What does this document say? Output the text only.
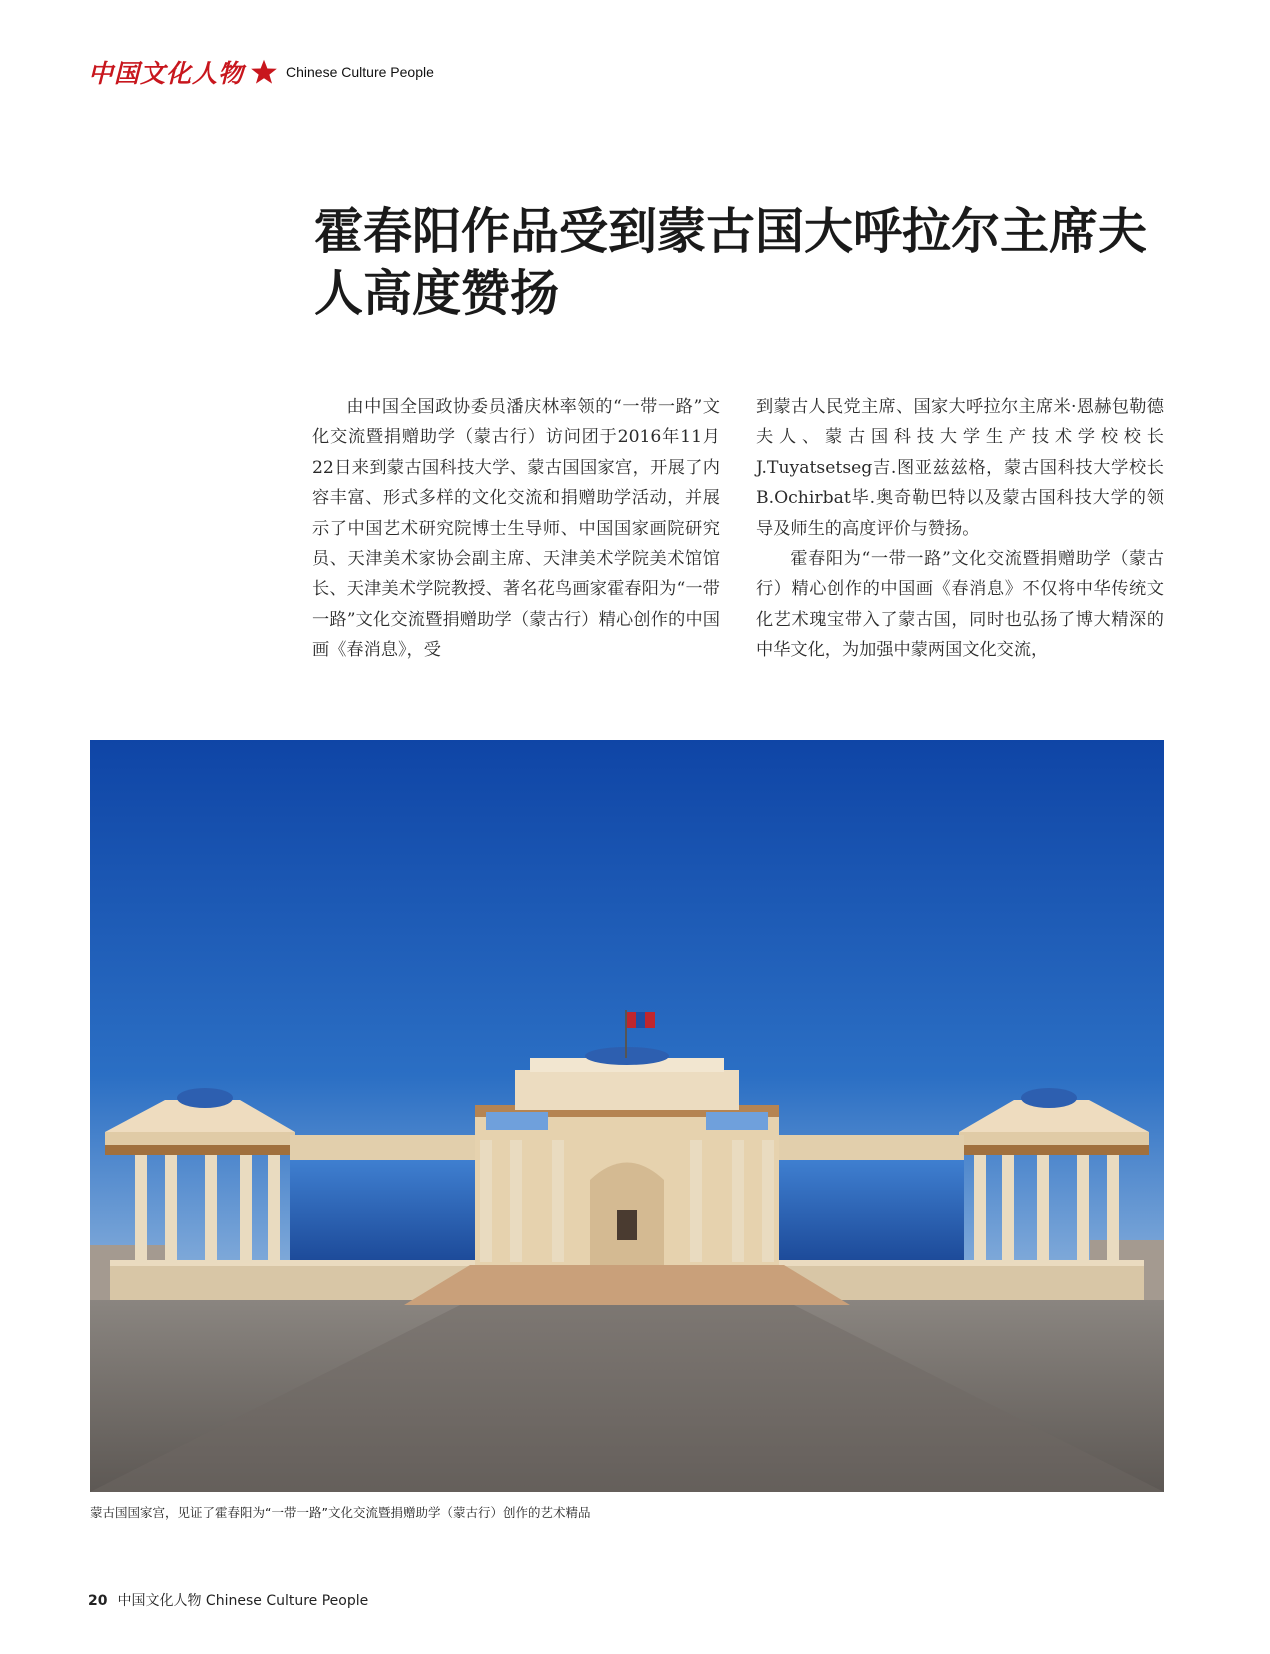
中国文化人物	Chinese Culture People
霍春阳作品受到蒙古国大呼拉尔主席夫人高度赞扬

由中国全国政协委员潘庆林率领的“一带一路”文化交流暨捐赠助学（蒙古行）访问团于2016年11月22日来到蒙古国科技大学、蒙古国国家宫，开展了内容丰富、形式多样的文化交流和捐赠助学活动，并展示了中国艺术研究院博士生导师、中国国家画院研究员、天津美术家协会副主席、天津美术学院美术馆馆长、天津美术学院教授、著名花鸟画家霍春阳为“一带一路”文化交流暨捐赠助学（蒙古行）精心创作的中国画《春消息》，受

到蒙古人民党主席、国家大呼拉尔主席米·恩赫包勒德夫人、蒙古国科技大学生产技术学校校长J.Tuyatsetseg吉.图亚兹兹格，蒙古国科技大学校长B.Ochirbat毕.奥奇勒巴特以及蒙古国科技大学的领导及师生的高度评价与赞扬。

霍春阳为“一带一路”文化交流暨捐赠助学（蒙古行）精心创作的中国画《春消息》不仅将中华传统文化艺术瑰宝带入了蒙古国，同时也弘扬了博大精深的中华文化，为加强中蒙两国文化交流，

蒙古国国家宫，见证了霍春阳为“一带一路”文化交流暨捐赠助学（蒙古行）创作的艺术精品
20 中国文化人物 Chinese Culture People
